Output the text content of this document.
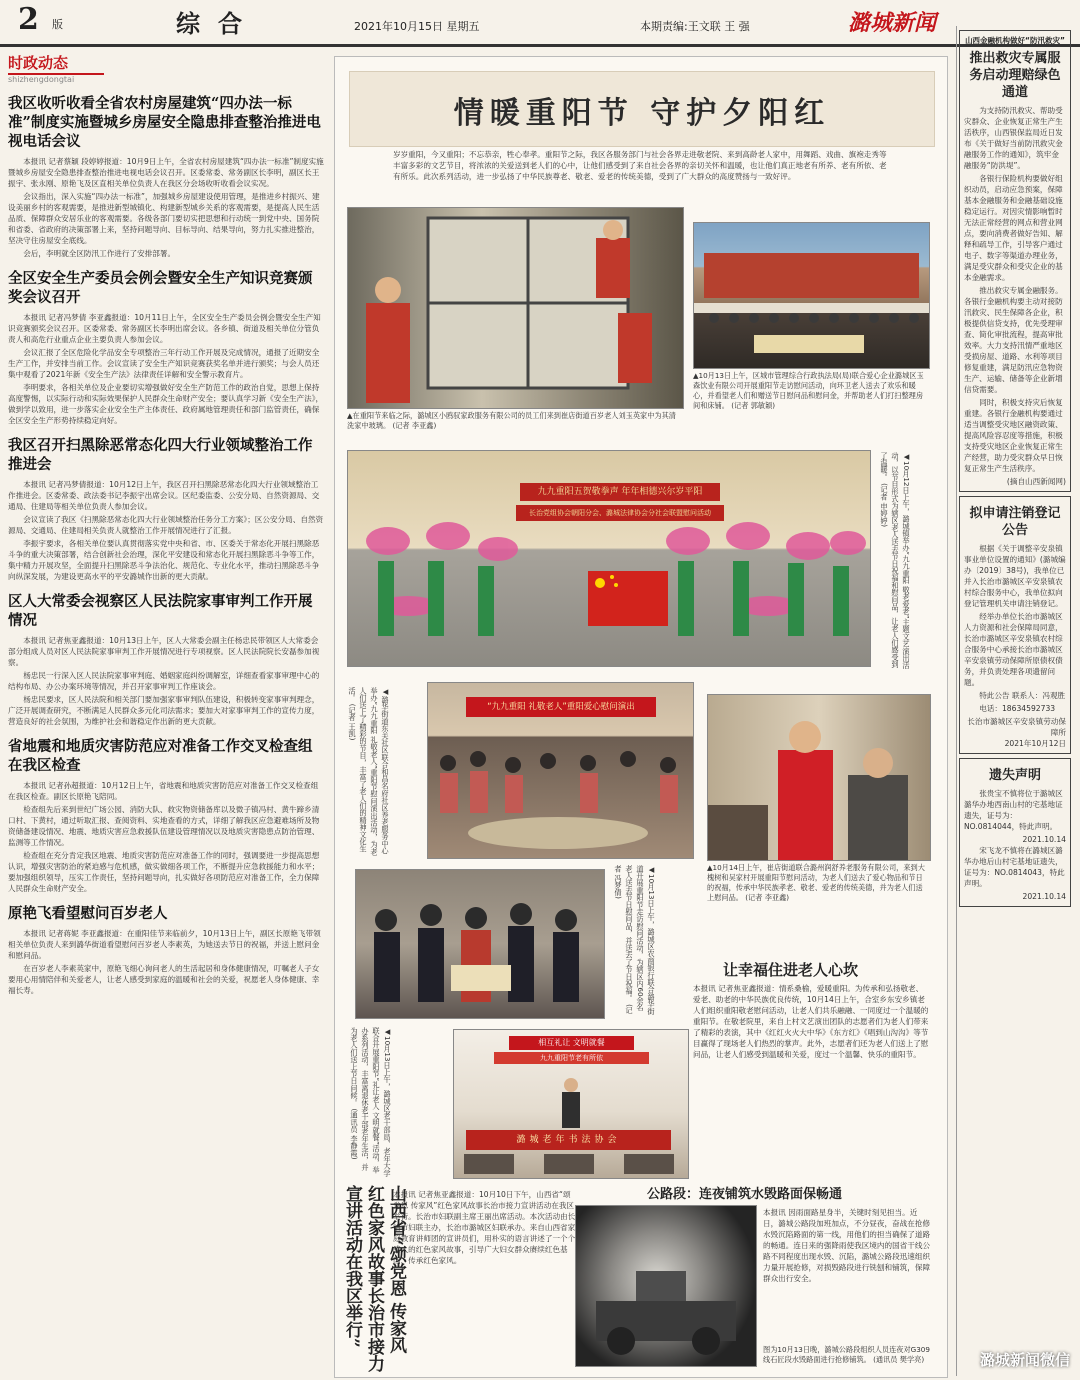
2 版	综合	2021年10月15日 星期五	本期责编:王文联 王 强	潞城新闻
时政动态
shizhengdongtai
我区收听收看全省农村房屋建筑“四办法一标准”制度实施暨城乡房屋安全隐患排查整治推进电视电话会议

本报讯 记者蔡颖 段婷婷报道：10月9日上午，全省农村房屋建筑“四办法一标准”制度实施暨城乡房屋安全隐患排查整治推进电视电话会议召开。区委常委、常务副区长李明，副区长王振宇、张永刚、原艳飞及区直相关单位负责人在我区分会场收听收看会议实况。

会议指出，深入实施“四办法一标准”，加强城乡房屋建设使用管理，是推进乡村振兴、建设美丽乡村的客观需要，是推进新型城镇化、构建新型城乡关系的客观需要，是提高人民生活品质、保障群众安居乐业的客观需要。各级各部门要切实把思想和行动统一到党中央、国务院和省委、省政府的决策部署上来，坚持问题导向、目标导向、结果导向，努力扎实推进整治，坚决守住房屋安全底线。

会后，李明就全区防汛工作进行了安排部署。

全区安全生产委员会例会暨安全生产知识竞赛颁奖会议召开

本报讯 记者冯梦倩 李亚鑫报道：10月11日上午，全区安全生产委员会例会暨安全生产知识竞赛颁奖会议召开。区委常委、常务副区长李明出席会议。各乡镇、街道及相关单位分管负责人和高危行业重点企业主要负责人参加会议。

会议汇报了全区危险化学品安全专项整治三年行动工作开展及完成情况，通报了近期安全生产工作，并安排当前工作。会议宣读了安全生产知识竞赛获奖名单并进行颁奖；与会人员还集中观看了2021年新《安全生产法》法律责任详解和安全警示教育片。

李明要求，各相关单位及企业要切实增强做好安全生产防范工作的政治自觉，思想上保持高度警惕，以实际行动和实际效果保护人民群众生命财产安全；要认真学习新《安全生产法》，做到学以致用，进一步落实企业安全生产主体责任、政府属地管理责任和部门监管责任，确保全区安全生产形势持续稳定向好。

我区召开扫黑除恶常态化四大行业领域整治工作推进会

本报讯 记者冯梦倩报道：10月12日上午，我区召开扫黑除恶常态化四大行业领域整治工作推进会。区委常委、政法委书记李振宇出席会议。区纪委监委、公安分局、自然资源局、交通局、住建局等相关单位负责人参加会议。

会议宣读了我区《扫黑除恶常态化四大行业领域整治任务分工方案》；区公安分局、自然资源局、交通局、住建局相关负责人就整治工作开展情况进行了汇报。

李振宇要求，各相关单位要认真贯彻落实党中央和省、市、区委关于常态化开展扫黑除恶斗争的重大决策部署，结合创新社会治理，深化平安建设和常态化开展扫黑除恶斗争等工作，集中精力开展攻坚，全面提升扫黑除恶斗争法治化、规范化、专业化水平，推动扫黑除恶斗争向纵深发展，为建设更高水平的平安潞城作出新的更大贡献。

区人大常委会视察区人民法院家事审判工作开展情况

本报讯 记者焦亚鑫报道：10月13日上午，区人大常委会副主任杨忠民带领区人大常委会部分组成人员对区人民法院家事审判工作开展情况进行专项视察。区人民法院院长安磊参加视察。

杨忠民一行深入区人民法院家事审判庭、婚姻家庭纠纷调解室，详细查看家事审理中心的结构布局、办公办案环境等情况，并召开家事审判工作座谈会。

杨忠民要求，区人民法院和相关部门要加强家事审判队伍建设，积极转变家事审判理念，广泛开展调查研究，不断满足人民群众多元化司法需求；要加大对家事审判工作的宣传力度，营造良好的社会氛围，为维护社会和谐稳定作出新的更大贡献。

省地震和地质灾害防范应对准备工作交叉检查组在我区检查

本报讯 记者孙超报道：10月12日上午，省地震和地质灾害防范应对准备工作交叉检查组在我区检查。副区长原艳飞陪同。

检查组先后来到世纪广场公园、消防大队、救灾物资储备库以及微子镇冯村、黄牛蹄乡清口村、下黄村，通过听取汇报、查阅资料、实地查看的方式，详细了解我区应急避难场所及物资储备建设情况、地震、地质灾害应急救援队伍建设管理情况以及地质灾害隐患点防治管理、监测等工作情况。

检查组在充分肯定我区地震、地质灾害防范应对准备工作的同时，强调要进一步提高思想认识，增强灾害防治的紧迫感与危机感，做实做细各项工作，不断提升应急救援能力和水平；要加强组织领导，压实工作责任，坚持问题导向，扎实做好各项防范应对准备工作，全力保障人民群众生命财产安全。

原艳飞看望慰问百岁老人

本报讯 记者蒋妮 李亚鑫报道：在重阳佳节来临前夕，10月13日上午，副区长原艳飞带领相关单位负责人来到潞华街道看望慰问百岁老人李素英，为她送去节日的祝福，并送上慰问金和慰问品。

在百岁老人李素英家中，原艳飞细心询问老人的生活起居和身体健康情况，叮嘱老人子女要用心用情陪伴和关爱老人，让老人感受到家庭的温暖和社会的关爱，祝愿老人身体健康、幸福长寿。

情暖重阳节 守护夕阳红
岁岁重阳，今又重阳；不忘恭亲，牲心奉孝。重阳节之际，我区各服务部门与社会各界走进敬老院、来到高龄老人家中，用舞蹈、戏曲、旗袍走秀等丰富多彩的文艺节目，将浓浓的关爱送到老人们的心中，让他们感受到了来自社会各界的亲切关怀和温暖，也让他们真正地老有所养、老有所依、老有所乐。此次系列活动，进一步弘扬了中华民族尊老、敬老、爱老的传统美德，受到了广大群众的高度赞扬与一致好评。
▲在重阳节来临之际，潞城区小鸥驭家政服务有限公司的员工们来到崔店街道百岁老人刘玉英家中为其清洗家中玻璃。 (记者 李亚鑫)
▲10月13日上午，区城市管理综合行政执法局(局)联合爱心企业潞城区玉森饮业有限公司开展重阳节走访慰问活动，向环卫老人送去了欢乐和暖心，并看望老人们和赠送节日慰问品和慰问金，并帮助老人们打扫整理房间和床铺。 (记者 郭敏颖)
九九重阳五贺敬拳声 年年相德兴尔岁平阳
长治党组协会朝阳分会、潞城法律协会分社会联盟慰问活动	◀10月12日上午，潞城镇举办“九九重阳 敬老爱老”主题文艺演出活动，以节目形式为辖区老人送去节日祝福和慰问品，让老人们感受到了温暖。 (记者 申婷婷)
◀潞华街道东关社区联合和昌名府社区养老服务中心举办“九九重阳 礼敬老人”重阳节慰问演出活动，为老人们送上了精彩的节目，丰富了老人们的精神文化生活。 (记者 王凯)	“九九重阳 礼敬老人”重阳爱心慰问演出
▲10月14日上午，崔店街道联合潞州润舒养老服务有限公司，来到大槐树和吴家村开展重阳节慰问活动，为老人们送去了爱心物品和节日的祝福，传承中华民族孝老、敬老、爱老的传统美德，并为老人们送上慰问品。 (记者 李亚鑫)
◀10月13日上午，潞城区农商银行联合潞华街道开展重阳节走访慰问活动，为辖区内60余名老人送去节日慰问品，并送去了节日祝福。 (记者 冯梦倩)
让幸福住进老人心坎
本报讯 记者焦亚鑫报道：情系桑榆，爱暖重阳。为传承和弘扬敬老、爱老、助老的中华民族优良传统，10月14日上午，合室乡东安乡镇老人们组织重阳敬老慰问活动，让老人们共乐融融、一同度过一个温暖的重阳节。在敬老院里，来自上村文艺演出团队的志愿者们为老人们带来了精彩的表演，其中《红红火火大中华》《东方红》《唱到山沟沟》等节目赢得了现场老人们热烈的掌声。此外，志愿者们还为老人们送上了慰问品，让老人们感受到温暖和关爱，度过一个温馨、快乐的重阳节。
◀10月13日上午，潞城区老干部局、老年大学联合开展重阳节“礼让老人 文明就餐”活动，举办系列活动，丰富离退休老干部老年生活，并为老人们送上节日问候。 (通讯员 李静霞)
相互礼让 文明就餐
九九重阳节老有所依
潞城老年书法协会
山西省“颂党恩 传家风 红色家风故事长治市接力宣讲活动在我区举行”	本报讯 记者焦亚鑫报道：10月10日下午，山西省“颂党恩 传家风”红色家风故事长治市接力宣讲活动在我区举行。长治市妇联副主席王丽出席活动。本次活动由长治市妇联主办，长治市潞城区妇联承办。来自山西省家庭教育讲师团的宣讲员们，用朴实的语言讲述了一个个感人的红色家风故事，引导广大妇女群众赓续红色基因，传承红色家风。
公路段：连夜铺筑水毁路面保畅通
本报讯 因雨面路星身半，关键时刻见担当。近日，潞城公路段加班加点，不分昼夜，奋战在抢修水毁沉陷路面的第一线，用他们的担当确保了道路的畅通。连日来的强降雨使我区境内的国省干线公路不同程度出现水毁、沉陷，潞城公路段迅速组织力量开展抢修，对损毁路段进行铣刨和铺筑，保障群众出行安全。
图为10月13日晚，潞城公路段组织人员连夜对G309线石匠段水毁路面进行抢修铺筑。 (通讯员 樊学亮)
山西金融机构做好“防汛救灾”
推出救灾专属服务启动理赔绿色通道

为支持防汛救灾、帮助受灾群众、企业恢复正常生产生活秩序，山西银保监局近日发布《关于做好当前防汛救灾金融服务工作的通知》，筑牢金融服务“防洪堤”。

各银行保险机构要做好组织动员，启动应急预案，保障基本金融服务和金融基础设施稳定运行。对因灾情影响暂时无法正常经营的网点和营业网点，要向消费者做好告知、解释和疏导工作，引导客户通过电子、数字等渠道办理业务，满足受灾群众和受灾企业的基本金融需求。

推出救灾专属金融服务。各银行金融机构要主动对接防汛救灾、民生保障各企业，积极提供信贷支持，优先受理审查、简化审批流程，提高审批效率。大力支持汛情严重地区受损房屋、道路、水利等项目修复重建，满足防汛应急物资生产、运输、储备等企业新增信贷需要。

同时，积极支持灾后恢复重建。各银行金融机构要通过适当调整受灾地区融资政策、提高风险容忍度等措施，积极支持受灾地区企业恢复正常生产经营，助力受灾群众早日恢复正常生产生活秩序。

(摘自山西新闻网)
拟申请注销登记公告

根据《关于调整辛安泉镇事业单位设置的通知》(潞城编办〔2019〕38号)，我单位已并入长治市潞城区辛安泉镇农村综合服务中心，我单位拟向登记管理机关申请注销登记。

经举办单位长治市潞城区人力资源和社会保障局同意，长治市潞城区辛安泉镇农村综合服务中心承接长治市潞城区辛安泉镇劳动保障所原债权债务，并负责处理各项遗留问题。

特此公告 联系人：冯观胜
电话：18634592733
长治市潞城区辛安泉镇劳动保障所
2021年10月12日
遗失声明

张贵宝不慎将位于潞城区潞华办地西南山村的宅基地证遗失，证号为：NO.0814044，特此声明。

2021.10.14

宋飞龙不慎将在潞城区潞华办地后山村宅基地证遗失，证号为：NO.0814043，特此声明。

2021.10.14
潞城新闻微信
